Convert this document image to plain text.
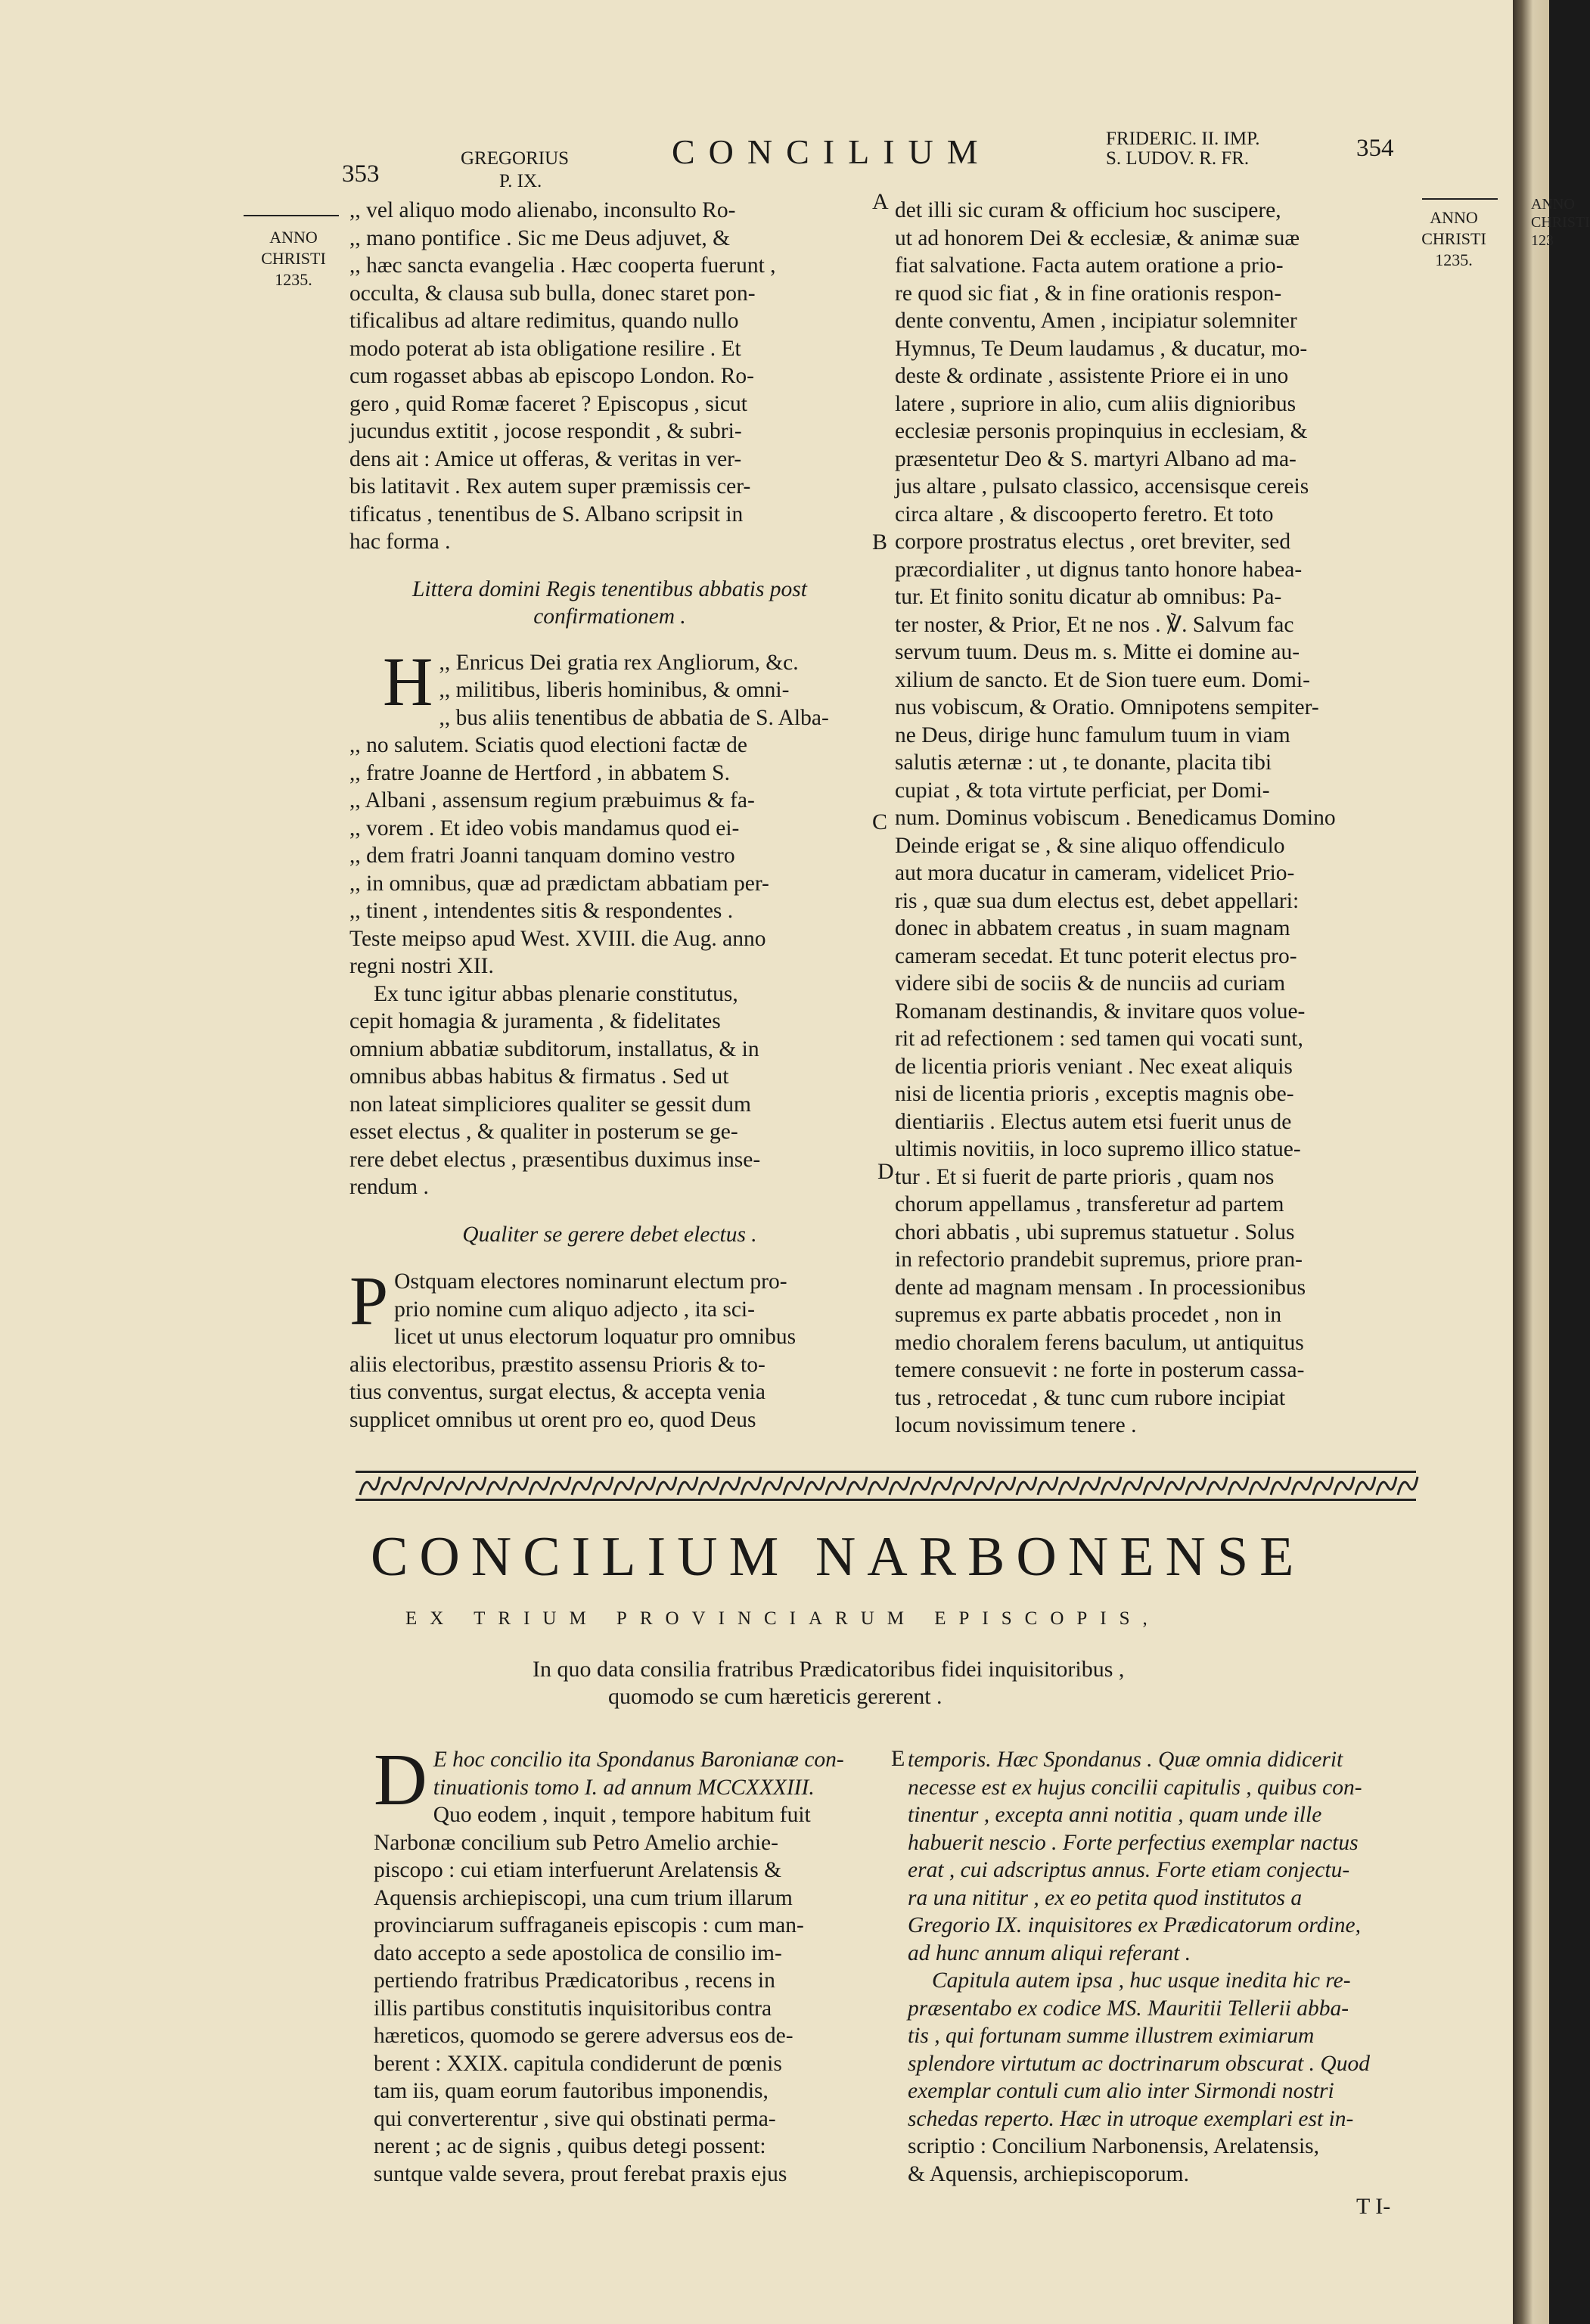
353
GREGORIUS
P. IX.
CONCILIUM	FRIDERIC. II. IMP.
S. LUDOV. R. FR.	354
ANNO
CHRISTI
1235.
ANNO
CHRISTI
1235.
A
B
C
D
E

,, vel aliquo modo alienabo, inconsulto Ro-

,, mano pontifice . Sic me Deus adjuvet, &

,, hæc sancta evangelia . Hæc cooperta fuerunt ,

occulta, & clausa sub bulla, donec staret pon-

tificalibus ad altare redimitus, quando nullo

modo poterat ab ista obligatione resilire . Et

cum rogasset abbas ab episcopo London. Ro-

gero , quid Romæ faceret ? Episcopus , sicut

jucundus extitit , jocose respondit , & subri-

dens ait : Amice ut offeras, & veritas in ver-

bis latitavit . Rex autem super præmissis cer-

tificatus , tenentibus de S. Albano scripsit in

hac forma .

Littera domini Regis tenentibus abbatis post

confirmationem .

H ,, Enricus Dei gratia rex Angliorum, &c.

,, militibus, liberis hominibus, & omni-

,, bus aliis tenentibus de abbatia de S. Alba-

,, no salutem. Sciatis quod electioni factæ de

,, fratre Joanne de Hertford , in abbatem S.

,, Albani , assensum regium præbuimus & fa-

,, vorem . Et ideo vobis mandamus quod ei-

,, dem fratri Joanni tanquam domino vestro

,, in omnibus, quæ ad prædictam abbatiam per-

,, tinent , intendentes sitis & respondentes .

Teste meipso apud West. XVIII. die Aug. anno

regni nostri XII.

Ex tunc igitur abbas plenarie constitutus,

cepit homagia & juramenta , & fidelitates

omnium abbatiæ subditorum, installatus, & in

omnibus abbas habitus & firmatus . Sed ut

non lateat simpliciores qualiter se gessit dum

esset electus , & qualiter in posterum se ge-

rere debet electus , præsentibus duximus inse-

rendum .

Qualiter se gerere debet electus .

P Ostquam electores nominarunt electum pro-

prio nomine cum aliquo adjecto , ita sci-

licet ut unus electorum loquatur pro omnibus

aliis electoribus, præstito assensu Prioris & to-

tius conventus, surgat electus, & accepta venia

supplicet omnibus ut orent pro eo, quod Deus

det illi sic curam & officium hoc suscipere,

ut ad honorem Dei & ecclesiæ, & animæ suæ

fiat salvatione. Facta autem oratione a prio-

re quod sic fiat , & in fine orationis respon-

dente conventu, Amen , incipiatur solemniter

Hymnus, Te Deum laudamus , & ducatur, mo-

deste & ordinate , assistente Priore ei in uno

latere , supriore in alio, cum aliis dignioribus

ecclesiæ personis propinquius in ecclesiam, &

præsentetur Deo & S. martyri Albano ad ma-

jus altare , pulsato classico, accensisque cereis

circa altare , & discooperto feretro. Et toto

corpore prostratus electus , oret breviter, sed

præcordialiter , ut dignus tanto honore habea-

tur. Et finito sonitu dicatur ab omnibus: Pa-

ter noster, & Prior, Et ne nos . ℣. Salvum fac

servum tuum. Deus m. s. Mitte ei domine au-

xilium de sancto. Et de Sion tuere eum. Domi-

nus vobiscum, & Oratio. Omnipotens sempiter-

ne Deus, dirige hunc famulum tuum in viam

salutis æternæ : ut , te donante, placita tibi

cupiat , & tota virtute perficiat, per Domi-

num. Dominus vobiscum . Benedicamus Domino

Deinde erigat se , & sine aliquo offendiculo

aut mora ducatur in cameram, videlicet Prio-

ris , quæ sua dum electus est, debet appellari:

donec in abbatem creatus , in suam magnam

cameram secedat. Et tunc poterit electus pro-

videre sibi de sociis & de nunciis ad curiam

Romanam destinandis, & invitare quos volue-

rit ad refectionem : sed tamen qui vocati sunt,

de licentia prioris veniant . Nec exeat aliquis

nisi de licentia prioris , exceptis magnis obe-

dientiariis . Electus autem etsi fuerit unus de

ultimis novitiis, in loco supremo illico statue-

tur . Et si fuerit de parte prioris , quam nos

chorum appellamus , transferetur ad partem

chori abbatis , ubi supremus statuetur . Solus

in refectorio prandebit supremus, priore pran-

dente ad magnam mensam . In processionibus

supremus ex parte abbatis procedet , non in

medio choralem ferens baculum, ut antiquitus

temere consuevit : ne forte in posterum cassa-

tus , retrocedat , & tunc cum rubore incipiat

locum novissimum tenere .

CONCILIUM NARBONENSE
EX TRIUM PROVINCIARUM EPISCOPIS,
In quo data consilia fratribus Prædicatoribus fidei inquisitoribus ,
quomodo se cum hæreticis gererent .
D E hoc concilio ita Spondanus Baronianæ con-

tinuationis tomo I. ad annum MCCXXXIII.

Quo eodem , inquit , tempore habitum fuit

Narbonæ concilium sub Petro Amelio archie-

piscopo : cui etiam interfuerunt Arelatensis &

Aquensis archiepiscopi, una cum trium illarum

provinciarum suffraganeis episcopis : cum man-

dato accepto a sede apostolica de consilio im-

pertiendo fratribus Prædicatoribus , recens in

illis partibus constitutis inquisitoribus contra

hæreticos, quomodo se gerere adversus eos de-

berent : XXIX. capitula condiderunt de pœnis

tam iis, quam eorum fautoribus imponendis,

qui converterentur , sive qui obstinati perma-

nerent ; ac de signis , quibus detegi possent:

suntque valde severa, prout ferebat praxis ejus

temporis. Hæc Spondanus . Quæ omnia didicerit

necesse est ex hujus concilii capitulis , quibus con-

tinentur , excepta anni notitia , quam unde ille

habuerit nescio . Forte perfectius exemplar nactus

erat , cui adscriptus annus. Forte etiam conjectu-

ra una nititur , ex eo petita quod institutos a

Gregorio IX. inquisitores ex Prædicatorum ordine,

ad hunc annum aliqui referant .

Capitula autem ipsa , huc usque inedita hic re-

præsentabo ex codice MS. Mauritii Tellerii abba-

tis , qui fortunam summe illustrem eximiarum

splendore virtutum ac doctrinarum obscurat . Quod

exemplar contuli cum alio inter Sirmondi nostri

schedas reperto. Hæc in utroque exemplari est in-

scriptio : Concilium Narbonensis, Arelatensis,

& Aquensis, archiepiscoporum.

T I-
ANNO
CHRISTI
123
